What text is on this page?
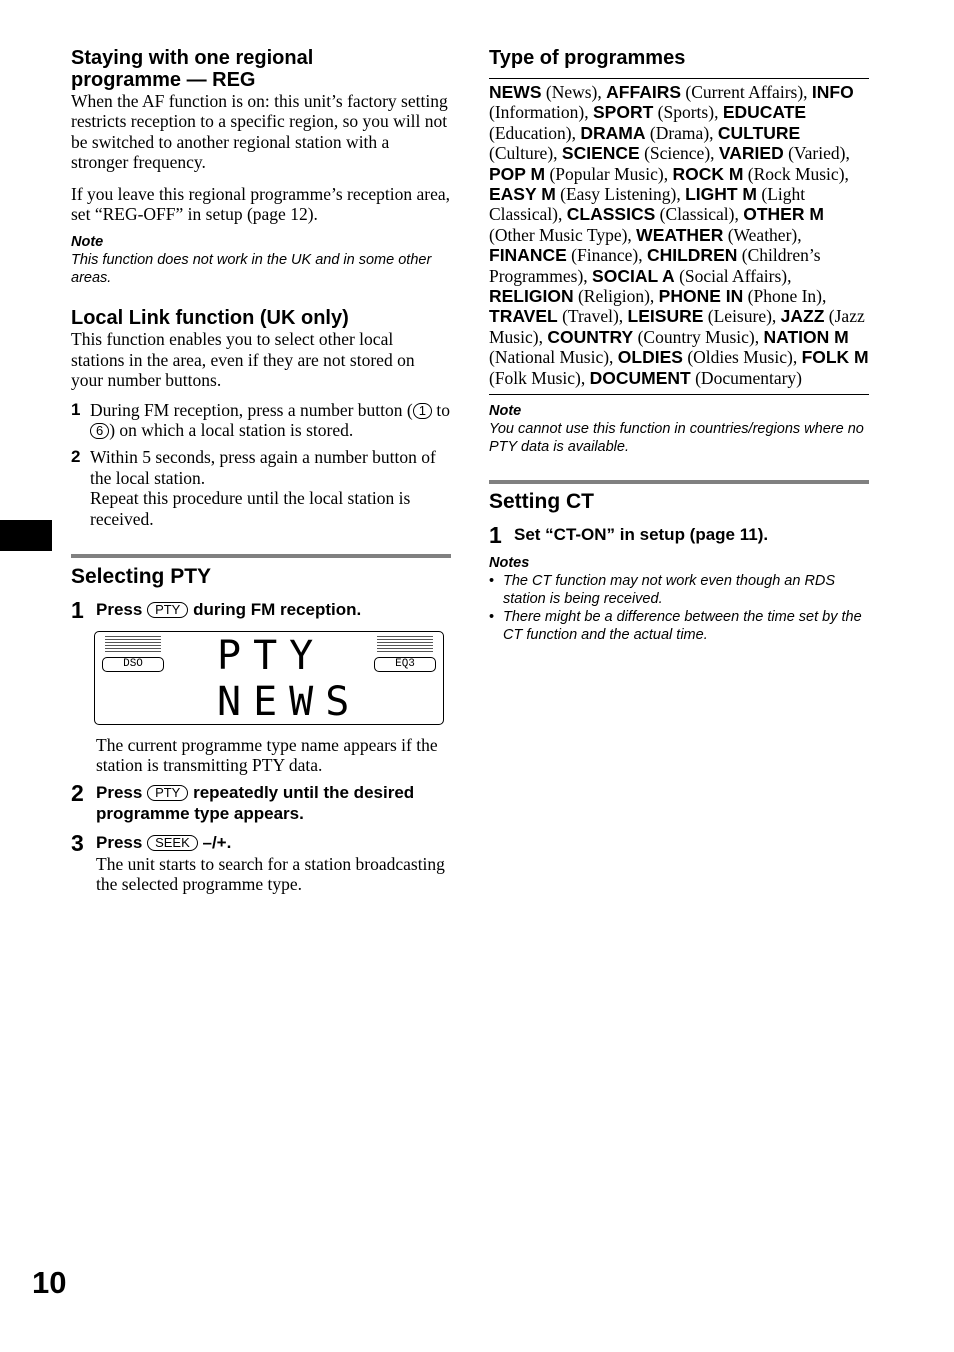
Staying with one regional programme — REG

When the AF function is on: this unit’s factory setting restricts reception to a specific region, so you will not be switched to another regional station with a stronger frequency.

If you leave this regional programme’s reception area, set “REG-OFF” in setup (page 12).

Note

This function does not work in the UK and in some other areas.

Local Link function (UK only)

This function enables you to select other local stations in the area, even if they are not stored on your number buttons.

1 During FM reception, press a number button ( 1 to 6 ) on which a local station is stored.
2 Within 5 seconds, press again a number button of the local station.
Repeat this procedure until the local station is received.
Selecting PTY
1 Press PTY during FM reception.
DSO	EQ3
PTY
NEWS

The current programme type name appears if the station is transmitting PTY data.

2 Press PTY repeatedly until the desired programme type appears.
3 Press SEEK –/+.
The unit starts to search for a station broadcasting the selected programme type.
Type of programmes

NEWS (News), AFFAIRS (Current Affairs), INFO (Information), SPORT (Sports), EDUCATE (Education), DRAMA (Drama), CULTURE (Culture), SCIENCE (Science), VARIED (Varied), POP M (Popular Music), ROCK M (Rock Music), EASY M (Easy Listening), LIGHT M (Light Classical), CLASSICS (Classical), OTHER M (Other Music Type), WEATHER (Weather), FINANCE (Finance), CHILDREN (Children’s Programmes), SOCIAL A (Social Affairs), RELIGION (Religion), PHONE IN (Phone In), TRAVEL (Travel), LEISURE (Leisure), JAZZ (Jazz Music), COUNTRY (Country Music), NATION M (National Music), OLDIES (Oldies Music), FOLK M (Folk Music), DOCUMENT (Documentary)

Note

You cannot use this function in countries/regions where no PTY data is available.

Setting CT
1 Set “CT-ON” in setup (page 11).
Notes
• The CT function may not work even though an RDS station is being received.
• There might be a difference between the time set by the CT function and the actual time.
10
